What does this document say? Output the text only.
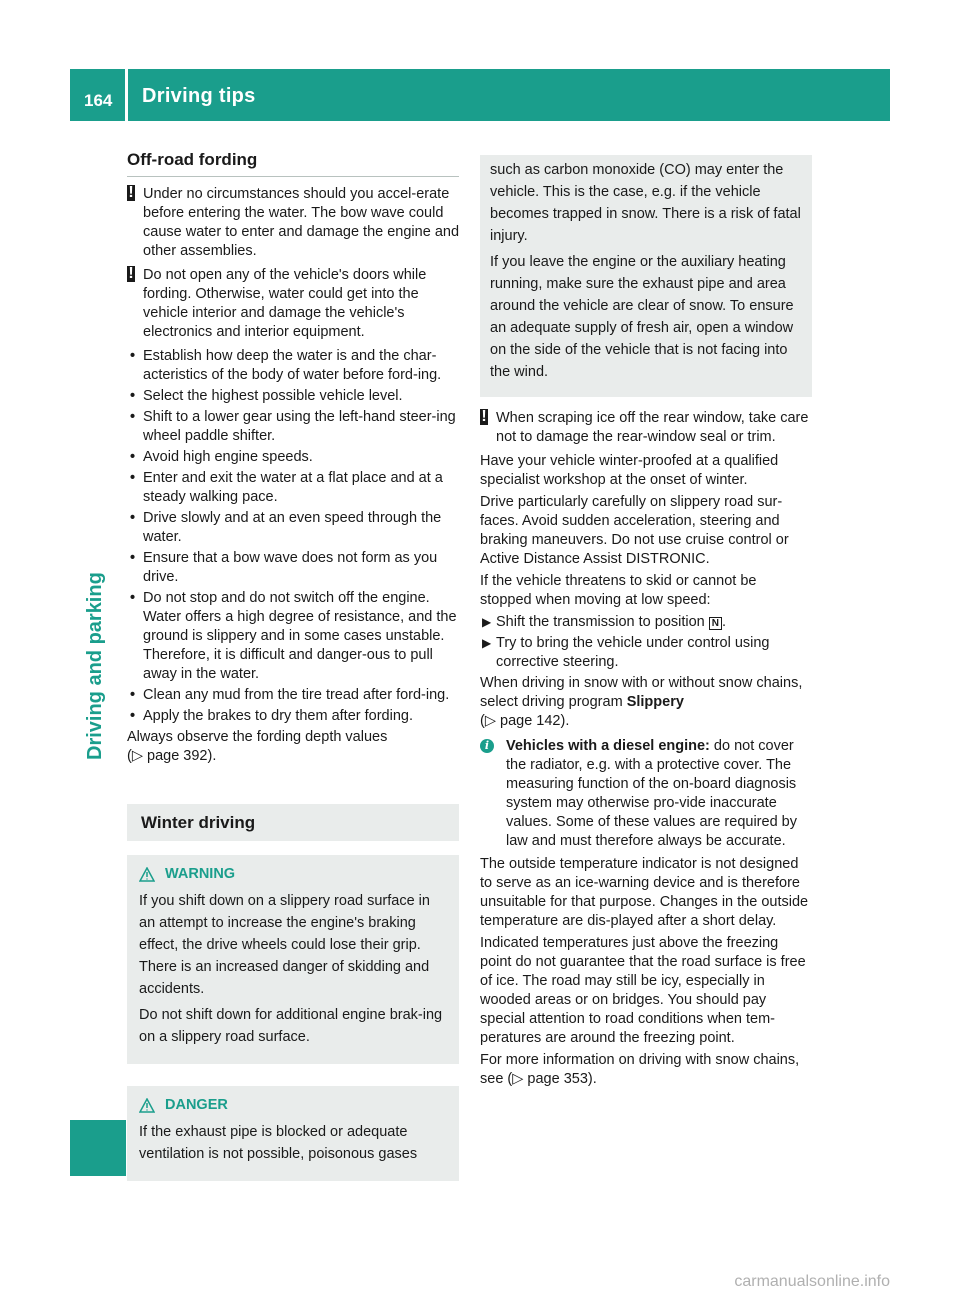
164 Driving tips
Driving and parking
Off-road fording
! Under no circumstances should you accel-erate before entering the water. The bow wave could cause water to enter and damage the engine and other assemblies.
! Do not open any of the vehicle's doors while fording. Otherwise, water could get into the vehicle interior and damage the vehicle's electronics and interior equipment.
• Establish how deep the water is and the char-acteristics of the body of water before ford-ing.
• Select the highest possible vehicle level.
• Shift to a lower gear using the left-hand steer-ing wheel paddle shifter.
• Avoid high engine speeds.
• Enter and exit the water at a flat place and at a steady walking pace.
• Drive slowly and at an even speed through the water.
• Ensure that a bow wave does not form as you drive.
• Do not stop and do not switch off the engine. Water offers a high degree of resistance, and the ground is slippery and in some cases unstable. Therefore, it is difficult and danger-ous to pull away in the water.
• Clean any mud from the tire tread after ford-ing.
• Apply the brakes to dry them after fording.

Always observe the fording depth values
(▷ page 392).

Winter driving
WARNING

If you shift down on a slippery road surface in an attempt to increase the engine's braking effect, the drive wheels could lose their grip. There is an increased danger of skidding and accidents.

Do not shift down for additional engine brak-ing on a slippery road surface.

DANGER

If the exhaust pipe is blocked or adequate ventilation is not possible, poisonous gases

such as carbon monoxide (CO) may enter the vehicle. This is the case, e.g. if the vehicle becomes trapped in snow. There is a risk of fatal injury.

If you leave the engine or the auxiliary heating running, make sure the exhaust pipe and area around the vehicle are clear of snow. To ensure an adequate supply of fresh air, open a window on the side of the vehicle that is not facing into the wind.

! When scraping ice off the rear window, take care not to damage the rear-window seal or trim.

Have your vehicle winter-proofed at a qualified specialist workshop at the onset of winter.

Drive particularly carefully on slippery road sur-faces. Avoid sudden acceleration, steering and braking maneuvers. Do not use cruise control or Active Distance Assist DISTRONIC.

If the vehicle threatens to skid or cannot be stopped when moving at low speed:

▶ Shift the transmission to position N .
▶ Try to bring the vehicle under control using corrective steering.

When driving in snow with or without snow chains, select driving program Slippery
(▷ page 142).

i	Vehicles with a diesel engine: do not cover the radiator, e.g. with a protective cover. The measuring function of the on-board diagnosis system may otherwise pro-vide inaccurate values. Some of these values are required by law and must therefore always be accurate.

The outside temperature indicator is not designed to serve as an ice-warning device and is therefore unsuitable for that purpose. Changes in the outside temperature are dis-played after a short delay.

Indicated temperatures just above the freezing point do not guarantee that the road surface is free of ice. The road may still be icy, especially in wooded areas or on bridges. You should pay special attention to road conditions when tem-peratures are around the freezing point.

For more information on driving with snow chains, see (▷ page 353).

carmanualsonline.info
